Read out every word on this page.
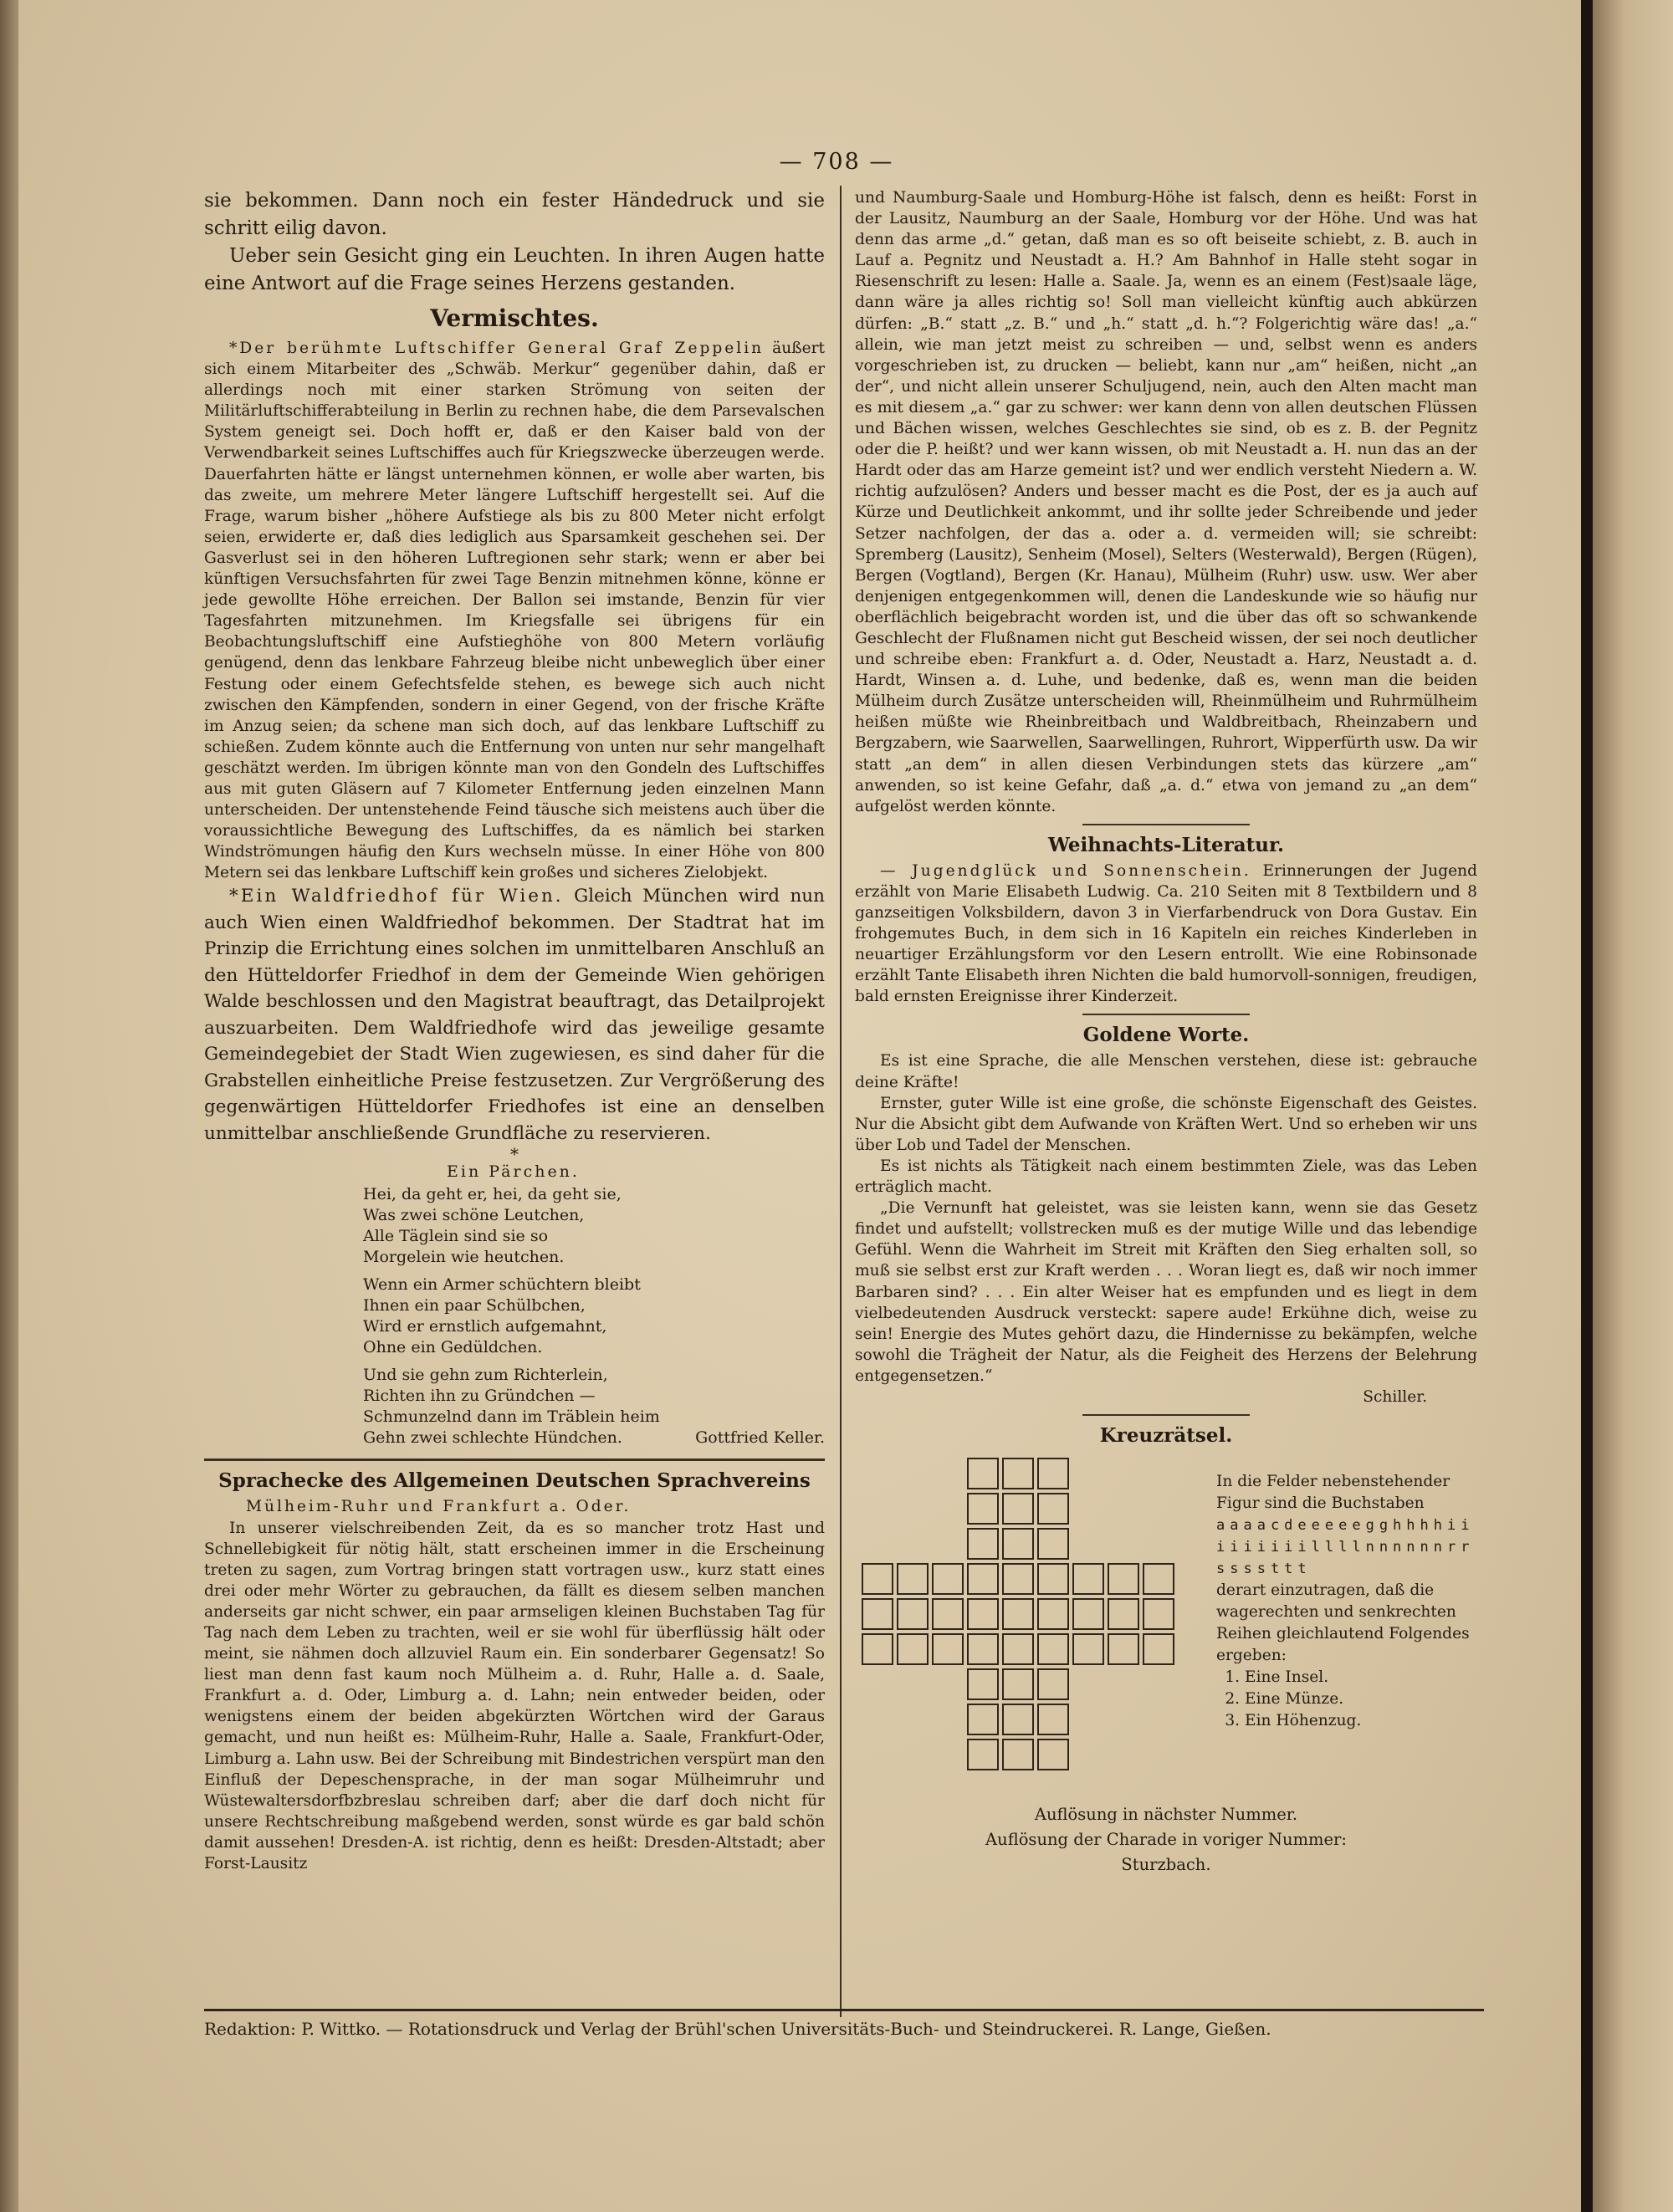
— 708 —

sie bekommen. Dann noch ein fester Händedruck und sie schritt eilig davon.

Ueber sein Gesicht ging ein Leuchten. In ihren Augen hatte eine Antwort auf die Frage seines Herzens gestanden.

Vermischtes.

*Der berühmte Luftschiffer General Graf Zeppelin äußert sich einem Mitarbeiter des „Schwäb. Merkur“ gegenüber dahin, daß er allerdings noch mit einer starken Strömung von seiten der Militärluftschifferabteilung in Berlin zu rechnen habe, die dem Parsevalschen System geneigt sei. Doch hofft er, daß er den Kaiser bald von der Verwendbarkeit seines Luftschiffes auch für Kriegszwecke überzeugen werde. Dauerfahrten hätte er längst unternehmen können, er wolle aber warten, bis das zweite, um mehrere Meter längere Luftschiff hergestellt sei. Auf die Frage, warum bisher „höhere Aufstiege als bis zu 800 Meter nicht erfolgt seien, erwiderte er, daß dies lediglich aus Sparsamkeit geschehen sei. Der Gasverlust sei in den höheren Luftregionen sehr stark; wenn er aber bei künftigen Versuchsfahrten für zwei Tage Benzin mitnehmen könne, könne er jede gewollte Höhe erreichen. Der Ballon sei imstande, Benzin für vier Tagesfahrten mitzunehmen. Im Kriegsfalle sei übrigens für ein Beobachtungsluftschiff eine Aufstieghöhe von 800 Metern vorläufig genügend, denn das lenkbare Fahrzeug bleibe nicht unbeweglich über einer Festung oder einem Gefechtsfelde stehen, es bewege sich auch nicht zwischen den Kämpfenden, sondern in einer Gegend, von der frische Kräfte im Anzug seien; da schene man sich doch, auf das lenkbare Luftschiff zu schießen. Zudem könnte auch die Entfernung von unten nur sehr mangelhaft geschätzt werden. Im übrigen könnte man von den Gondeln des Luftschiffes aus mit guten Gläsern auf 7 Kilometer Entfernung jeden einzelnen Mann unterscheiden. Der untenstehende Feind täusche sich meistens auch über die voraussichtliche Bewegung des Luftschiffes, da es nämlich bei starken Windströmungen häufig den Kurs wechseln müsse. In einer Höhe von 800 Metern sei das lenkbare Luftschiff kein großes und sicheres Zielobjekt.

*Ein Waldfriedhof für Wien. Gleich München wird nun auch Wien einen Waldfriedhof bekommen. Der Stadtrat hat im Prinzip die Errichtung eines solchen im unmittelbaren Anschluß an den Hütteldorfer Friedhof in dem der Gemeinde Wien gehörigen Walde beschlossen und den Magistrat beauftragt, das Detailprojekt auszuarbeiten. Dem Waldfriedhofe wird das jeweilige gesamte Gemeindegebiet der Stadt Wien zugewiesen, es sind daher für die Grabstellen einheitliche Preise festzusetzen. Zur Vergrößerung des gegenwärtigen Hütteldorfer Friedhofes ist eine an denselben unmittelbar anschließende Grundfläche zu reservieren.

*
Ein Pärchen.
Hei, da geht er, hei, da geht sie,
Was zwei schöne Leutchen,
Alle Täglein sind sie so
Morgelein wie heutchen.
Wenn ein Armer schüchtern bleibt
Ihnen ein paar Schülbchen,
Wird er ernstlich aufgemahnt,
Ohne ein Gedüldchen.
Und sie gehn zum Richterlein,
Richten ihn zu Gründchen —
Schmunzelnd dann im Träblein heim
Gehn zwei schlechte Hündchen.	Gottfried Keller.
Sprachecke des Allgemeinen Deutschen Sprachvereins
Mülheim-Ruhr und Frankfurt a. Oder.

In unserer vielschreibenden Zeit, da es so mancher trotz Hast und Schnellebigkeit für nötig hält, statt erscheinen immer in die Erscheinung treten zu sagen, zum Vortrag bringen statt vortragen usw., kurz statt eines drei oder mehr Wörter zu gebrauchen, da fällt es diesem selben manchen anderseits gar nicht schwer, ein paar armseligen kleinen Buchstaben Tag für Tag nach dem Leben zu trachten, weil er sie wohl für überflüssig hält oder meint, sie nähmen doch allzuviel Raum ein. Ein sonderbarer Gegensatz! So liest man denn fast kaum noch Mülheim a. d. Ruhr, Halle a. d. Saale, Frankfurt a. d. Oder, Limburg a. d. Lahn; nein entweder beiden, oder wenigstens einem der beiden abgekürzten Wörtchen wird der Garaus gemacht, und nun heißt es: Mülheim-Ruhr, Halle a. Saale, Frankfurt-Oder, Limburg a. Lahn usw. Bei der Schreibung mit Bindestrichen verspürt man den Einfluß der Depeschensprache, in der man sogar Mülheimruhr und Wüstewaltersdorfbzbreslau schreiben darf; aber die darf doch nicht für unsere Rechtschreibung maßgebend werden, sonst würde es gar bald schön damit aussehen! Dresden-A. ist richtig, denn es heißt: Dresden-Altstadt; aber Forst-Lausitz

und Naumburg-Saale und Homburg-Höhe ist falsch, denn es heißt: Forst in der Lausitz, Naumburg an der Saale, Homburg vor der Höhe. Und was hat denn das arme „d.“ getan, daß man es so oft beiseite schiebt, z. B. auch in Lauf a. Pegnitz und Neustadt a. H.? Am Bahnhof in Halle steht sogar in Riesenschrift zu lesen: Halle a. Saale. Ja, wenn es an einem (Fest)saale läge, dann wäre ja alles richtig so! Soll man vielleicht künftig auch abkürzen dürfen: „B.“ statt „z. B.“ und „h.“ statt „d. h.“? Folgerichtig wäre das! „a.“ allein, wie man jetzt meist zu schreiben — und, selbst wenn es anders vorgeschrieben ist, zu drucken — beliebt, kann nur „am“ heißen, nicht „an der“, und nicht allein unserer Schuljugend, nein, auch den Alten macht man es mit diesem „a.“ gar zu schwer: wer kann denn von allen deutschen Flüssen und Bächen wissen, welches Geschlechtes sie sind, ob es z. B. der Pegnitz oder die P. heißt? und wer kann wissen, ob mit Neustadt a. H. nun das an der Hardt oder das am Harze gemeint ist? und wer endlich versteht Niedern a. W. richtig aufzulösen? Anders und besser macht es die Post, der es ja auch auf Kürze und Deutlichkeit ankommt, und ihr sollte jeder Schreibende und jeder Setzer nachfolgen, der das a. oder a. d. vermeiden will; sie schreibt: Spremberg (Lausitz), Senheim (Mosel), Selters (Westerwald), Bergen (Rügen), Bergen (Vogtland), Bergen (Kr. Hanau), Mülheim (Ruhr) usw. usw. Wer aber denjenigen entgegenkommen will, denen die Landeskunde wie so häufig nur oberflächlich beigebracht worden ist, und die über das oft so schwankende Geschlecht der Flußnamen nicht gut Bescheid wissen, der sei noch deutlicher und schreibe eben: Frankfurt a. d. Oder, Neustadt a. Harz, Neustadt a. d. Hardt, Winsen a. d. Luhe, und bedenke, daß es, wenn man die beiden Mülheim durch Zusätze unterscheiden will, Rheinmülheim und Ruhrmülheim heißen müßte wie Rheinbreitbach und Waldbreitbach, Rheinzabern und Bergzabern, wie Saarwellen, Saarwellingen, Ruhrort, Wipperfürth usw. Da wir statt „an dem“ in allen diesen Verbindungen stets das kürzere „am“ anwenden, so ist keine Gefahr, daß „a. d.“ etwa von jemand zu „an dem“ aufgelöst werden könnte.

Weihnachts-Literatur.

— Jugendglück und Sonnenschein. Erinnerungen der Jugend erzählt von Marie Elisabeth Ludwig. Ca. 210 Seiten mit 8 Textbildern und 8 ganzseitigen Volksbildern, davon 3 in Vierfarbendruck von Dora Gustav. Ein frohgemutes Buch, in dem sich in 16 Kapiteln ein reiches Kinderleben in neuartiger Erzählungsform vor den Lesern entrollt. Wie eine Robinsonade erzählt Tante Elisabeth ihren Nichten die bald humorvoll-sonnigen, freudigen, bald ernsten Ereignisse ihrer Kinderzeit.

Goldene Worte.

Es ist eine Sprache, die alle Menschen verstehen, diese ist: gebrauche deine Kräfte!

Ernster, guter Wille ist eine große, die schönste Eigenschaft des Geistes. Nur die Absicht gibt dem Aufwande von Kräften Wert. Und so erheben wir uns über Lob und Tadel der Menschen.

Es ist nichts als Tätigkeit nach einem bestimmten Ziele, was das Leben erträglich macht.

„Die Vernunft hat geleistet, was sie leisten kann, wenn sie das Gesetz findet und aufstellt; vollstrecken muß es der mutige Wille und das lebendige Gefühl. Wenn die Wahrheit im Streit mit Kräften den Sieg erhalten soll, so muß sie selbst erst zur Kraft werden . . . Woran liegt es, daß wir noch immer Barbaren sind? . . . Ein alter Weiser hat es empfunden und es liegt in dem vielbedeutenden Ausdruck versteckt: sapere aude! Erkühne dich, weise zu sein! Energie des Mutes gehört dazu, die Hindernisse zu bekämpfen, welche sowohl die Trägheit der Natur, als die Feigheit des Herzens der Belehrung entgegensetzen.“

Schiller.
Kreuzrätsel.
In die Felder nebenstehender Figur sind die Buchstaben
aaaacdeeeeegghhhhiiiiiiiiillllnnnnnnrrssssttt
derart einzutragen, daß die wagerechten und senkrechten Reihen gleichlautend Folgendes ergeben:
1. Eine Insel.
2. Eine Münze.
3. Ein Höhenzug.
Auflösung in nächster Nummer.
Auflösung der Charade in voriger Nummer:
Sturzbach.
Redaktion: P. Wittko. — Rotationsdruck und Verlag der Brühl'schen Universitäts-Buch- und Steindruckerei. R. Lange, Gießen.
